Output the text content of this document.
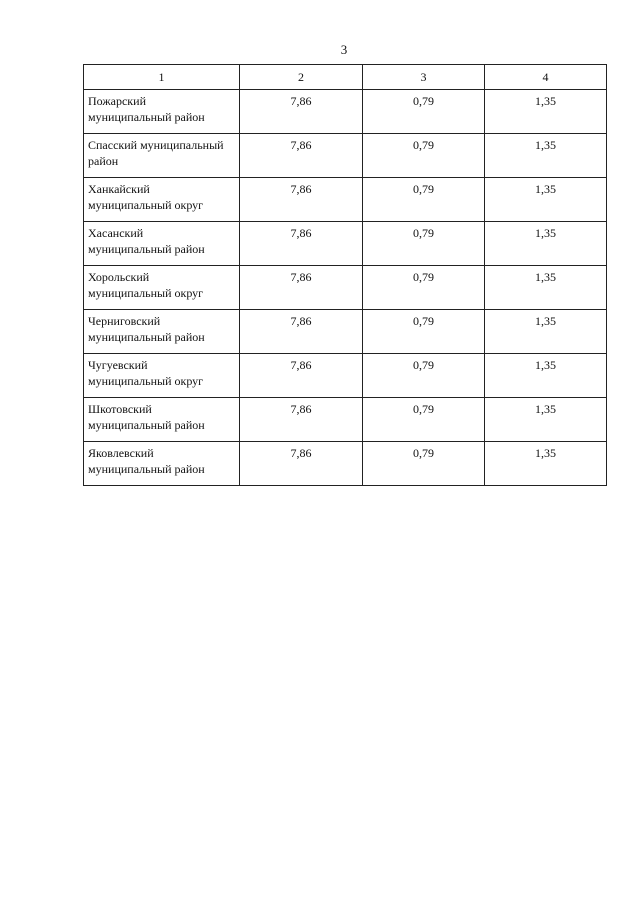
3
1	2	3	4

Пожарский
муниципальный район	7,86	0,79	1,35

Спасский муниципальный
район	7,86	0,79	1,35

Ханкайский
муниципальный округ	7,86	0,79	1,35

Хасанский
муниципальный район	7,86	0,79	1,35

Хорольский
муниципальный округ	7,86	0,79	1,35

Черниговский
муниципальный район	7,86	0,79	1,35

Чугуевский
муниципальный округ	7,86	0,79	1,35

Шкотовский
муниципальный район	7,86	0,79	1,35

Яковлевский
муниципальный район	7,86	0,79	1,35
